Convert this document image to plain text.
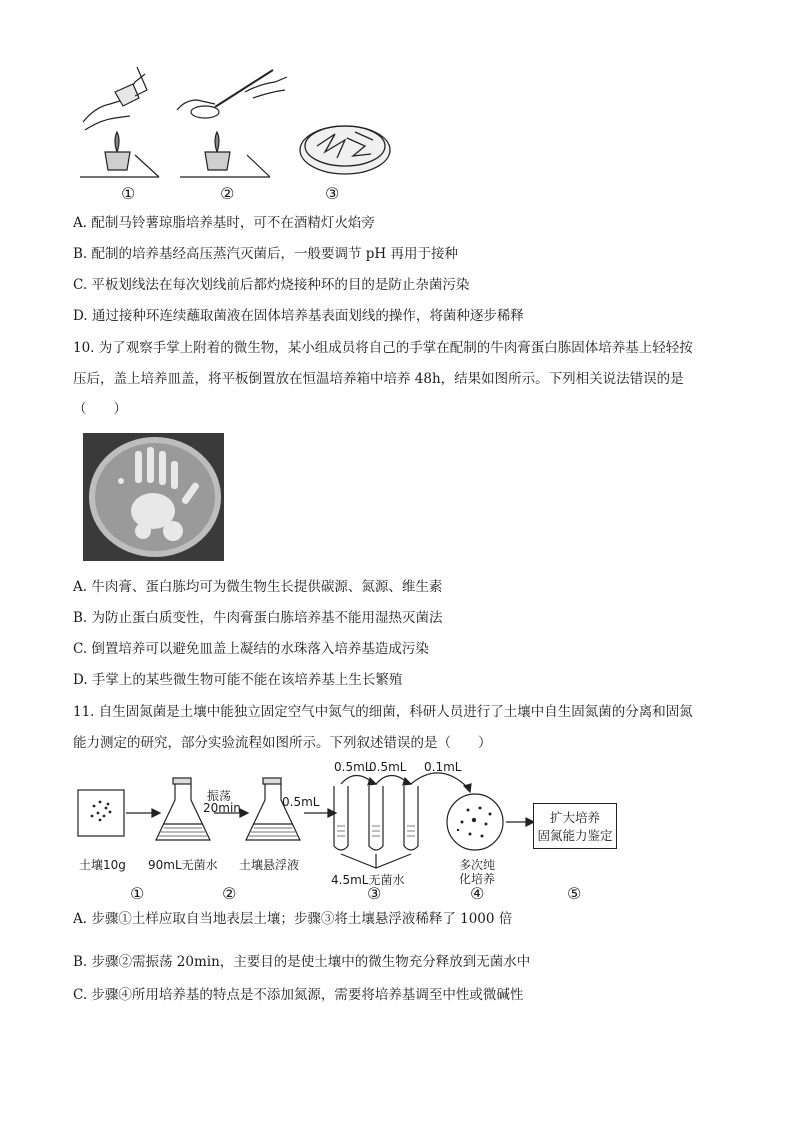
①	②	③
A. 配制马铃薯琼脂培养基时，可不在酒精灯火焰旁
B. 配制的培养基经高压蒸汽灭菌后，一般要调节 pH 再用于接种
C. 平板划线法在每次划线前后都灼烧接种环的目的是防止杂菌污染
D. 通过接种环连续蘸取菌液在固体培养基表面划线的操作，将菌种逐步稀释
10. 为了观察手掌上附着的微生物，某小组成员将自己的手掌在配制的牛肉膏蛋白胨固体培养基上轻轻按
压后，盖上培养皿盖，将平板倒置放在恒温培养箱中培养 48h，结果如图所示。下列相关说法错误的是
（　　）
A. 牛肉膏、蛋白胨均可为微生物生长提供碳源、氮源、维生素
B. 为防止蛋白质变性，牛肉膏蛋白胨培养基不能用湿热灭菌法
C. 倒置培养可以避免皿盖上凝结的水珠落入培养基造成污染
D. 手掌上的某些微生物可能不能在该培养基上生长繁殖
11. 自生固氮菌是土壤中能独立固定空气中氮气的细菌，科研人员进行了土壤中自生固氮菌的分离和固氮
能力测定的研究，部分实验流程如图所示。下列叙述错误的是（　　）
振荡
20min	0.5mL
0.5mL
0.5mL 0.1mL
扩大培养
固氮能力鉴定
土壤10g 90mL无菌水 土壤悬浮液	多次纯
化培养
4.5mL无菌水
①	②	③	④	⑤
A. 步骤①土样应取自当地表层土壤；步骤③将土壤悬浮液稀释了 1000 倍
B. 步骤②需振荡 20min，主要目的是使土壤中的微生物充分释放到无菌水中
C. 步骤④所用培养基的特点是不添加氮源，需要将培养基调至中性或微碱性
